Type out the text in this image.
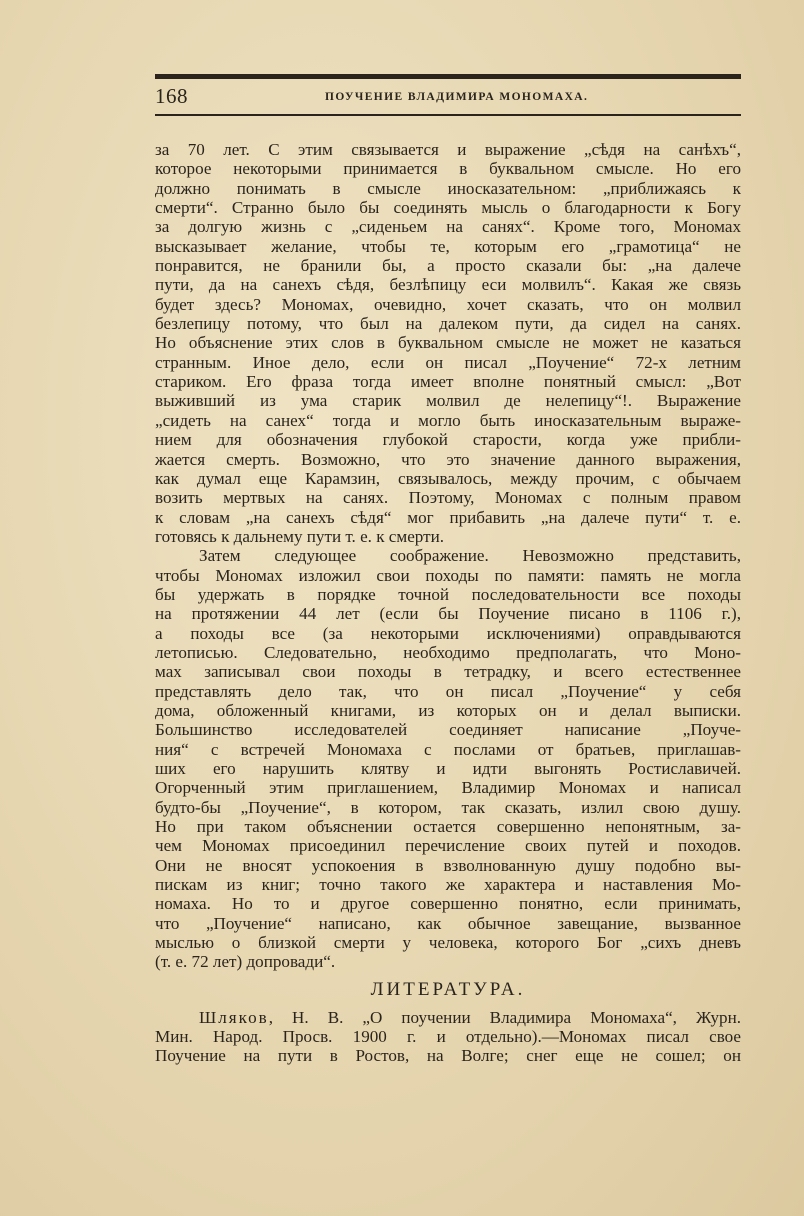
168	ПОУЧЕНИЕ ВЛАДИМИРА МОНОМАХА.

за 70 лет. С этим связывается и выражение „сѣдя на санѣхъ“,
которое некоторыми принимается в буквальном смысле. Но его
должно понимать в смысле иносказательном: „приближаясь к
смерти“. Странно было бы соединять мысль о благодарности к Богу
за долгую жизнь с „сиденьем на санях“. Кроме того, Мономах
высказывает желание, чтобы те, которым его „грамотица“ не
понравится, не бранили бы, а просто сказали бы: „на далече
пути, да на санехъ сѣдя, безлѣпицу еси молвилъ“. Какая же связь
будет здесь? Мономах, очевидно, хочет сказать, что он молвил
безлепицу потому, что был на далеком пути, да сидел на санях.
Но объяснение этих слов в буквальном смысле не может не казаться
странным. Иное дело, если он писал „Поучение“ 72-х летним
стариком. Его фраза тогда имеет вполне понятный смысл: „Вот
выживший из ума старик молвил де нелепицу“!. Выражение
„сидеть на санех“ тогда и могло быть иносказательным выраже-
нием для обозначения глубокой старости, когда уже прибли-
жается смерть. Возможно, что это значение данного выражения,
как думал еще Карамзин, связывалось, между прочим, с обычаем
возить мертвых на санях. Поэтому, Мономах с полным правом
к словам „на санехъ сѣдя“ мог прибавить „на далече пути“ т. е.
готовясь к дальнему пути т. е. к смерти.

Затем следующее соображение. Невозможно представить,
чтобы Мономах изложил свои походы по памяти: память не могла
бы удержать в порядке точной последовательности все походы
на протяжении 44 лет (если бы Поучение писано в 1106 г.),
а походы все (за некоторыми исключениями) оправдываются
летописью. Следовательно, необходимо предполагать, что Моно-
мах записывал свои походы в тетрадку, и всего естественнее
представлять дело так, что он писал „Поучение“ у себя
дома, обложенный книгами, из которых он и делал выписки.
Большинство исследователей соединяет написание „Поуче-
ния“ с встречей Мономаха с послами от братьев, приглашав-
ших его нарушить клятву и идти выгонять Ростиславичей.
Огорченный этим приглашением, Владимир Мономах и написал
будто-бы „Поучение“, в котором, так сказать, излил свою душу.
Но при таком объяснении остается совершенно непонятным, за-
чем Мономах присоединил перечисление своих путей и походов.
Они не вносят успокоения в взволнованную душу подобно вы-
пискам из книг; точно такого же характера и наставления Мо-
номаха. Но то и другое совершенно понятно, если принимать,
что „Поучение“ написано, как обычное завещание, вызванное
мыслью о близкой смерти у человека, которого Бог „сихъ дневъ
(т. е. 72 лет) допровади“.

ЛИТЕРАТУРА.

Шляков, Н. В. „О поучении Владимира Мономаха“, Журн.
Мин. Народ. Просв. 1900 г. и отдельно).—Мономах писал свое
Поучение на пути в Ростов, на Волге; снег еще не сошел; он
